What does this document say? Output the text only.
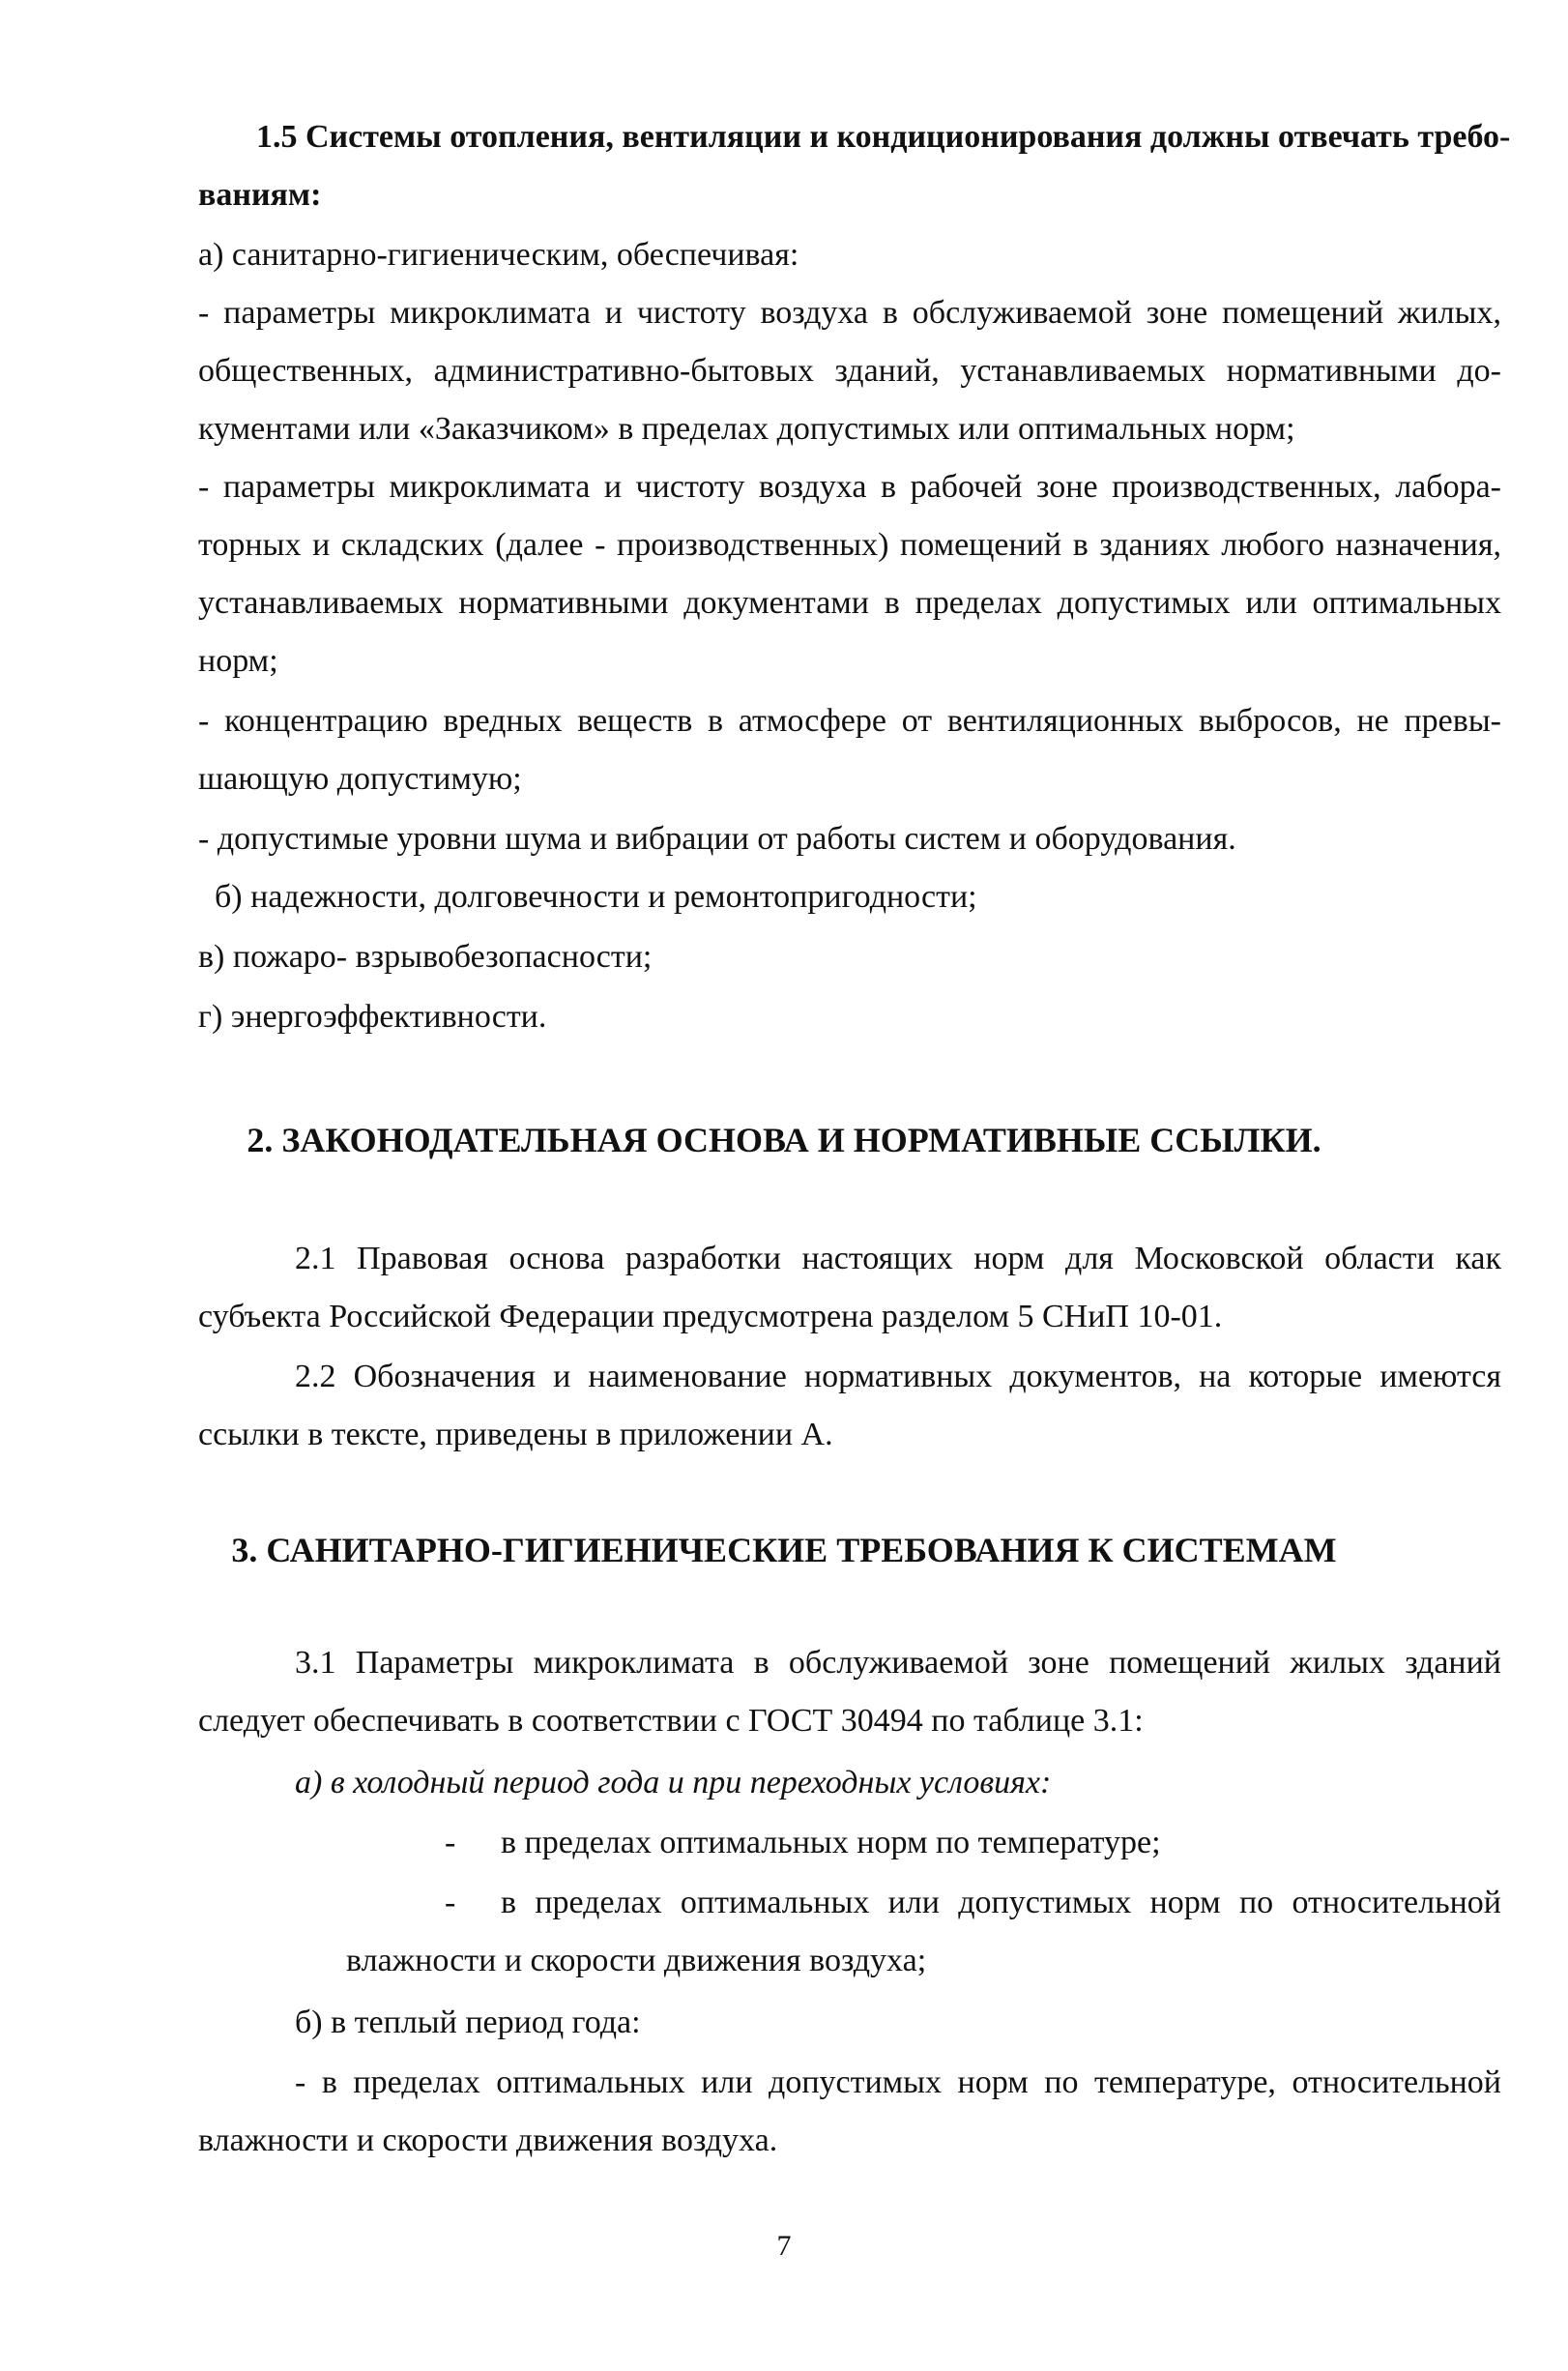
1.5 Системы отопления, вентиляции и кондиционирования должны отвечать требо-
ваниям:
а) санитарно-гигиеническим, обеспечивая:
- параметры микроклимата и чистоту воздуха в обслуживаемой зоне помещений жилых,
общественных, административно-бытовых зданий, устанавливаемых нормативными до-
кументами или «Заказчиком» в пределах допустимых или оптимальных норм;
- параметры микроклимата и чистоту воздуха в рабочей зоне производственных, лабора-
торных и складских (далее - производственных) помещений в зданиях любого назначения,
устанавливаемых нормативными документами в пределах допустимых или оптимальных
норм;
- концентрацию вредных веществ в атмосфере от вентиляционных выбросов, не превы-
шающую допустимую;
- допустимые уровни шума и вибрации от работы систем и оборудования.
б) надежности, долговечности и ремонтопригодности;
в) пожаро- взрывобезопасности;
г) энергоэффективности.
2. ЗАКОНОДАТЕЛЬНАЯ ОСНОВА И НОРМАТИВНЫЕ ССЫЛКИ.
2.1 Правовая основа разработки настоящих норм для Московской области как
субъекта Российской Федерации предусмотрена разделом 5 СНиП 10-01.
2.2 Обозначения и наименование нормативных документов, на которые имеются
ссылки в тексте, приведены в приложении А.
3. САНИТАРНО-ГИГИЕНИЧЕСКИЕ ТРЕБОВАНИЯ К СИСТЕМАМ
3.1 Параметры микроклимата в обслуживаемой зоне помещений жилых зданий
следует обеспечивать в соответствии с ГОСТ 30494 по таблице 3.1:
а) в холодный период года и при переходных условиях:
- в пределах оптимальных норм по температуре;
- в пределах оптимальных или допустимых норм по относительной
влажности и скорости движения воздуха;
б) в теплый период года:
- в пределах оптимальных или допустимых норм по температуре, относительной
влажности и скорости движения воздуха.
7
